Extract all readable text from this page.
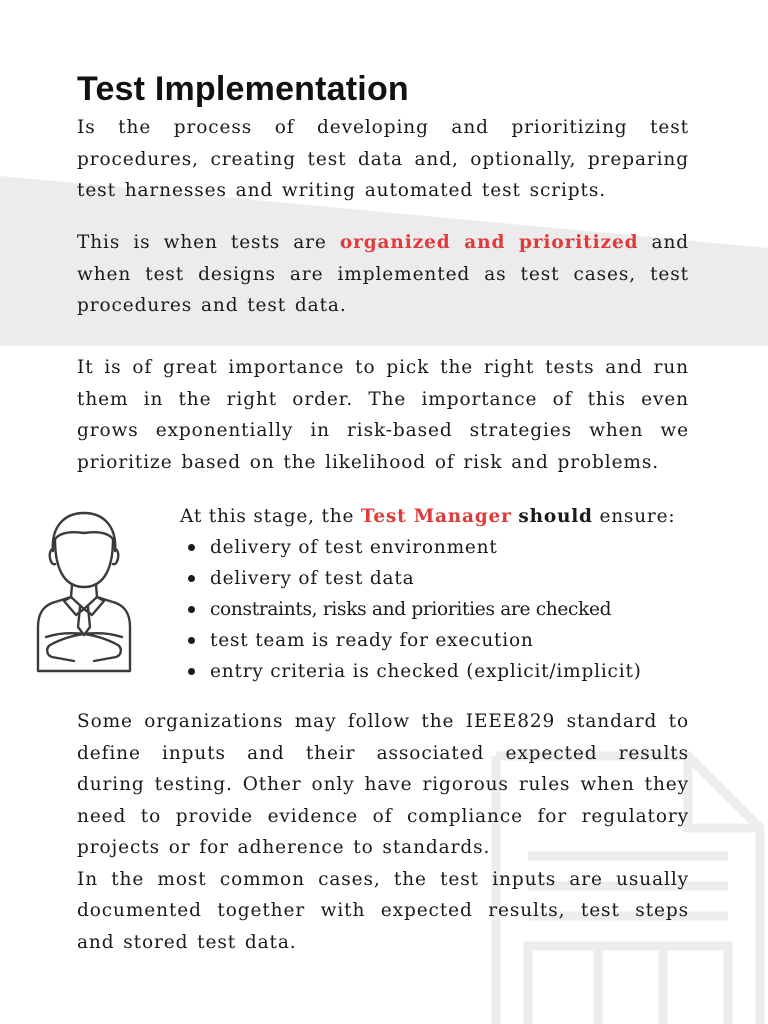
Test Implementation

Is the process of developing and prioritizing test procedures, creating test data and, optionally, preparing test harnesses and writing automated test scripts.

This is when tests are organized and prioritized and when test designs are implemented as test cases, test procedures and test data.

It is of great importance to pick the right tests and run them in the right order. The importance of this even grows exponentially in risk-based strategies when we prioritize based on the likelihood of risk and problems.

At this stage, the Test Manager should ensure:
delivery of test environment
delivery of test data
constraints, risks and priorities are checked
test team is ready for execution
entry criteria is checked (explicit/implicit)

Some organizations may follow the IEEE829 standard to define inputs and their associated expected results during testing. Other only have rigorous rules when they need to provide evidence of compliance for regulatory projects or for adherence to standards.

In the most common cases, the test inputs are usually documented together with expected results, test steps and stored test data.
